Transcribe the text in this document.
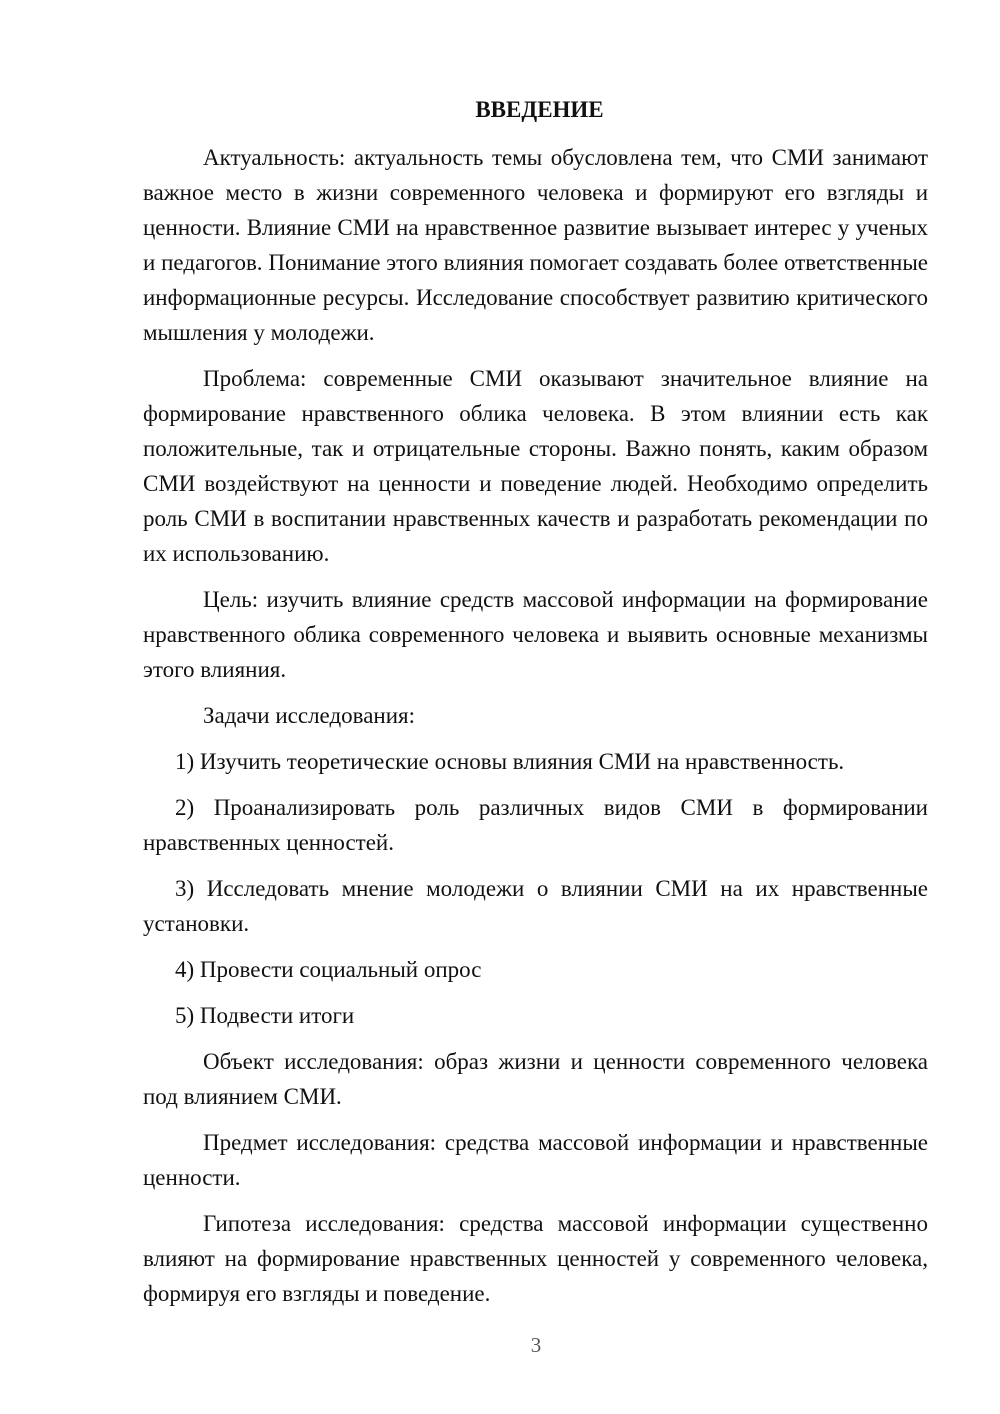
ВВЕДЕНИЕ

Актуальность: актуальность темы обусловлена тем, что СМИ занимают важное место в жизни современного человека и формируют его взгляды и ценности. Влияние СМИ на нравственное развитие вызывает интерес у ученых и педагогов. Понимание этого влияния помогает создавать более ответственные информационные ресурсы. Исследование способствует развитию критического мышления у молодежи.

Проблема: современные СМИ оказывают значительное влияние на формирование нравственного облика человека. В этом влиянии есть как положительные, так и отрицательные стороны. Важно понять, каким образом СМИ воздействуют на ценности и поведение людей. Необходимо определить роль СМИ в воспитании нравственных качеств и разработать рекомендации по их использованию.

Цель: изучить влияние средств массовой информации на формирование нравственного облика современного человека и выявить основные механизмы этого влияния.

Задачи исследования:

1) Изучить теоретические основы влияния СМИ на нравственность.

2) Проанализировать роль различных видов СМИ в формировании нравственных ценностей.

3) Исследовать мнение молодежи о влиянии СМИ на их нравственные установки.

4) Провести социальный опрос

5) Подвести итоги

Объект исследования: образ жизни и ценности современного человека под влиянием СМИ.

Предмет исследования: средства массовой информации и нравственные ценности.

Гипотеза исследования: средства массовой информации существенно влияют на формирование нравственных ценностей у современного человека, формируя его взгляды и поведение.

3
